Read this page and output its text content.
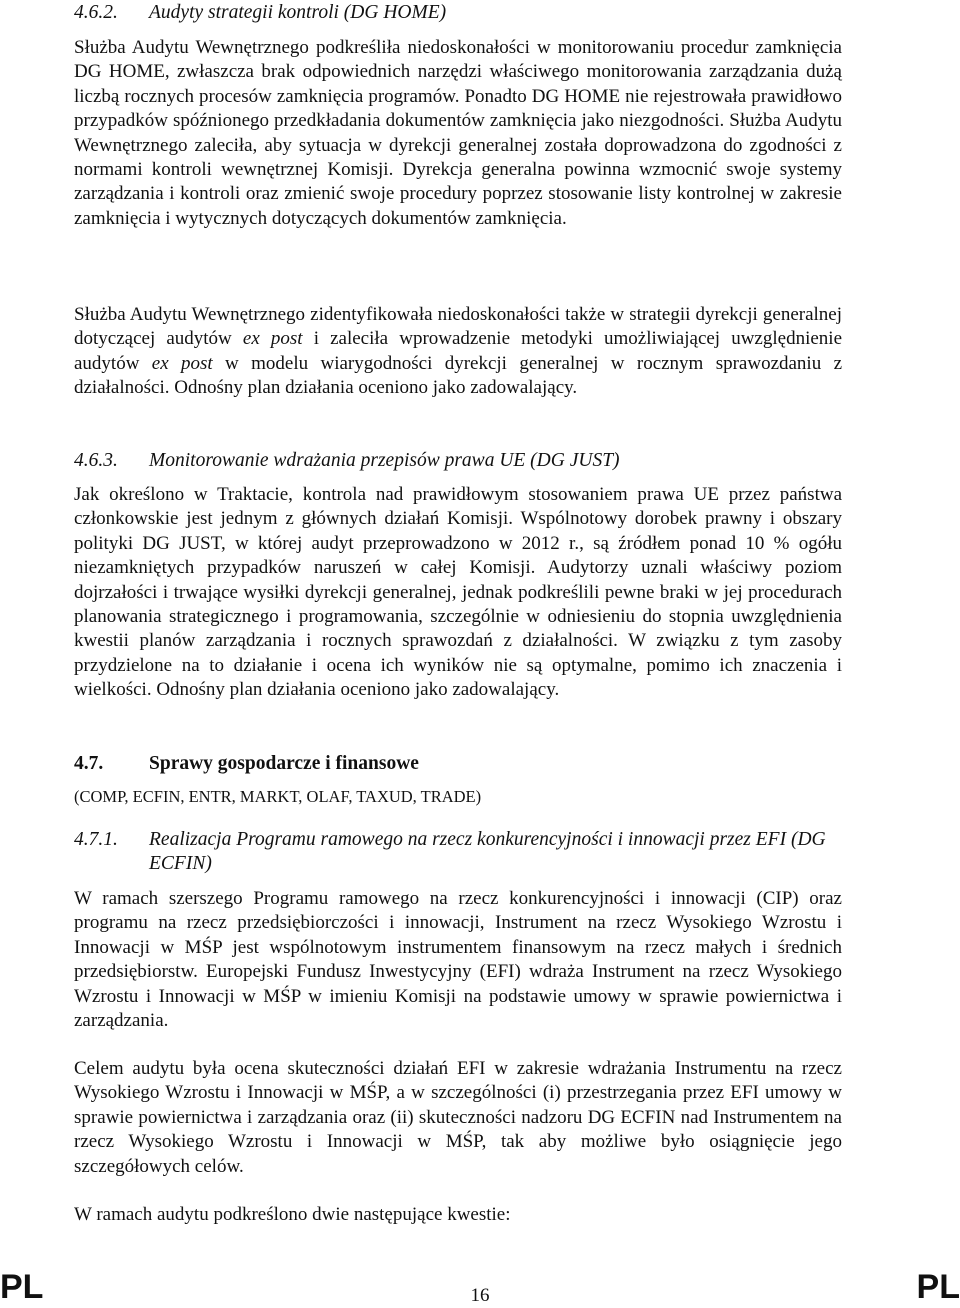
4.6.2. Audyty strategii kontroli (DG HOME)

Służba Audytu Wewnętrznego podkreśliła niedoskonałości w monitorowaniu procedur zamknięcia DG HOME, zwłaszcza brak odpowiednich narzędzi właściwego monitorowania zarządzania dużą liczbą rocznych procesów zamknięcia programów. Ponadto DG HOME nie rejestrowała prawidłowo przypadków spóźnionego przedkładania dokumentów zamknięcia jako niezgodności. Służba Audytu Wewnętrznego zaleciła, aby sytuacja w dyrekcji generalnej została doprowadzona do zgodności z normami kontroli wewnętrznej Komisji. Dyrekcja generalna powinna wzmocnić swoje systemy zarządzania i kontroli oraz zmienić swoje procedury poprzez stosowanie listy kontrolnej w zakresie zamknięcia i wytycznych dotyczących dokumentów zamknięcia.

Służba Audytu Wewnętrznego zidentyfikowała niedoskonałości także w strategii dyrekcji generalnej dotyczącej audytów ex post i zaleciła wprowadzenie metodyki umożliwiającej uwzględnienie audytów ex post w modelu wiarygodności dyrekcji generalnej w rocznym sprawozdaniu z działalności. Odnośny plan działania oceniono jako zadowalający.

4.6.3. Monitorowanie wdrażania przepisów prawa UE (DG JUST)

Jak określono w Traktacie, kontrola nad prawidłowym stosowaniem prawa UE przez państwa członkowskie jest jednym z głównych działań Komisji. Wspólnotowy dorobek prawny i obszary polityki DG JUST, w której audyt przeprowadzono w 2012 r., są źródłem ponad 10 % ogółu niezamkniętych przypadków naruszeń w całej Komisji. Audytorzy uznali właściwy poziom dojrzałości i trwające wysiłki dyrekcji generalnej, jednak podkreślili pewne braki w jej procedurach planowania strategicznego i programowania, szczególnie w odniesieniu do stopnia uwzględnienia kwestii planów zarządzania i rocznych sprawozdań z działalności. W związku z tym zasoby przydzielone na to działanie i ocena ich wyników nie są optymalne, pomimo ich znaczenia i wielkości. Odnośny plan działania oceniono jako zadowalający.

4.7. Sprawy gospodarcze i finansowe
(COMP, ECFIN, ENTR, MARKT, OLAF, TAXUD, TRADE)
4.7.1. Realizacja Programu ramowego na rzecz konkurencyjności i innowacji przez EFI (DG ECFIN)

W ramach szerszego Programu ramowego na rzecz konkurencyjności i innowacji (CIP) oraz programu na rzecz przedsiębiorczości i innowacji, Instrument na rzecz Wysokiego Wzrostu i Innowacji w MŚP jest wspólnotowym instrumentem finansowym na rzecz małych i średnich przedsiębiorstw. Europejski Fundusz Inwestycyjny (EFI) wdraża Instrument na rzecz Wysokiego Wzrostu i Innowacji w MŚP w imieniu Komisji na podstawie umowy w sprawie powiernictwa i zarządzania.

Celem audytu była ocena skuteczności działań EFI w zakresie wdrażania Instrumentu na rzecz Wysokiego Wzrostu i Innowacji w MŚP, a w szczególności (i) przestrzegania przez EFI umowy w sprawie powiernictwa i zarządzania oraz (ii) skuteczności nadzoru DG ECFIN nad Instrumentem na rzecz Wysokiego Wzrostu i Innowacji w MŚP, tak aby możliwe było osiągnięcie jego szczegółowych celów.

W ramach audytu podkreślono dwie następujące kwestie:

PL	PL
16
